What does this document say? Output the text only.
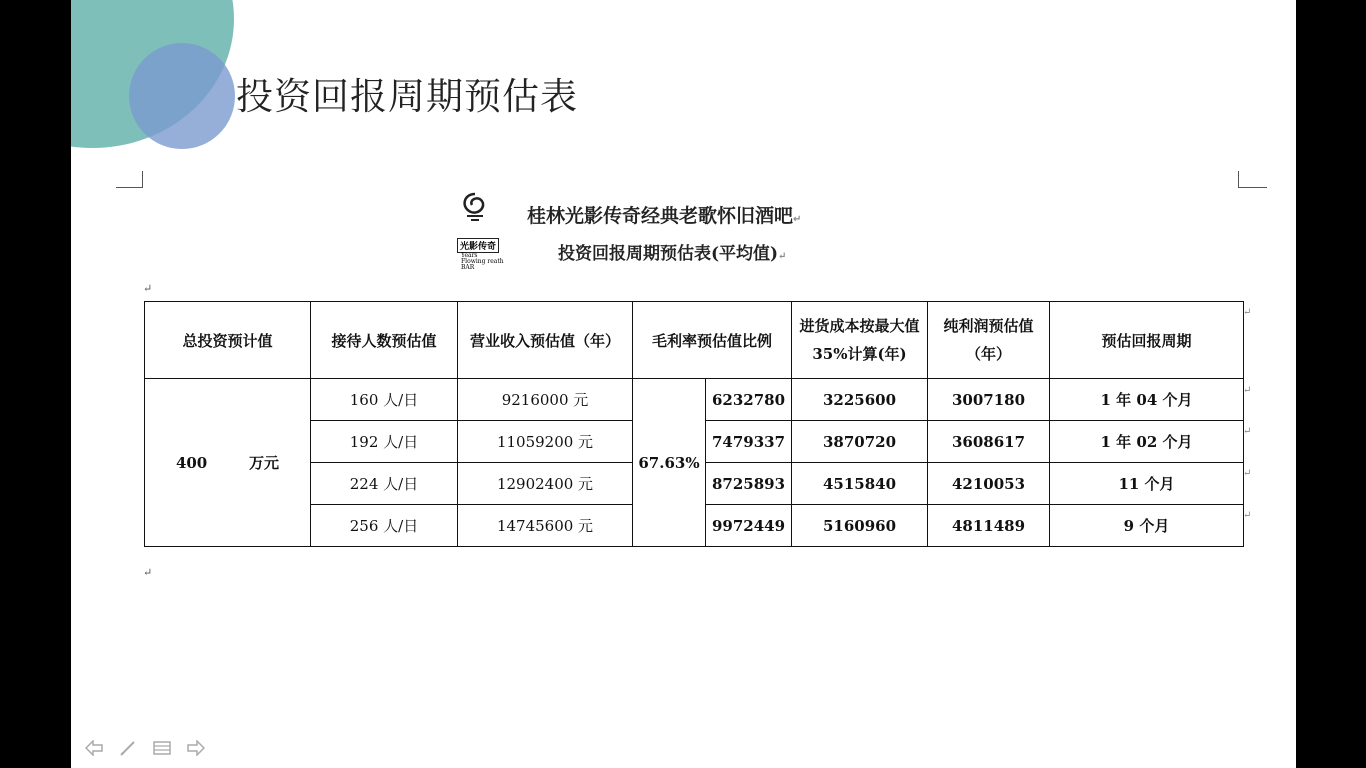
投资回报周期预估表
光影传奇
Years
Flowing reath
BAR
桂林光影传奇经典老歌怀旧酒吧↵
投资回报周期预估表(平均值)↵
↵
总投资预计值	接待人数预估值	营业收入预估值（年）	毛利率预估值比例		进货成本按最大值35%计算(年)	纯利润预估值（年）	预估回报周期
400 万元	160 人/日	9216000 元	67.63%	6232780	3225600	3007180	1 年 04 个月
	192 人/日	11059200 元		7479337	3870720	3608617	1 年 02 个月
	224 人/日	12902400 元		8725893	4515840	4210053	11 个月
	256 人/日	14745600 元		9972449	5160960	4811489	9 个月
↵
↵
↵
↵
↵
↵
